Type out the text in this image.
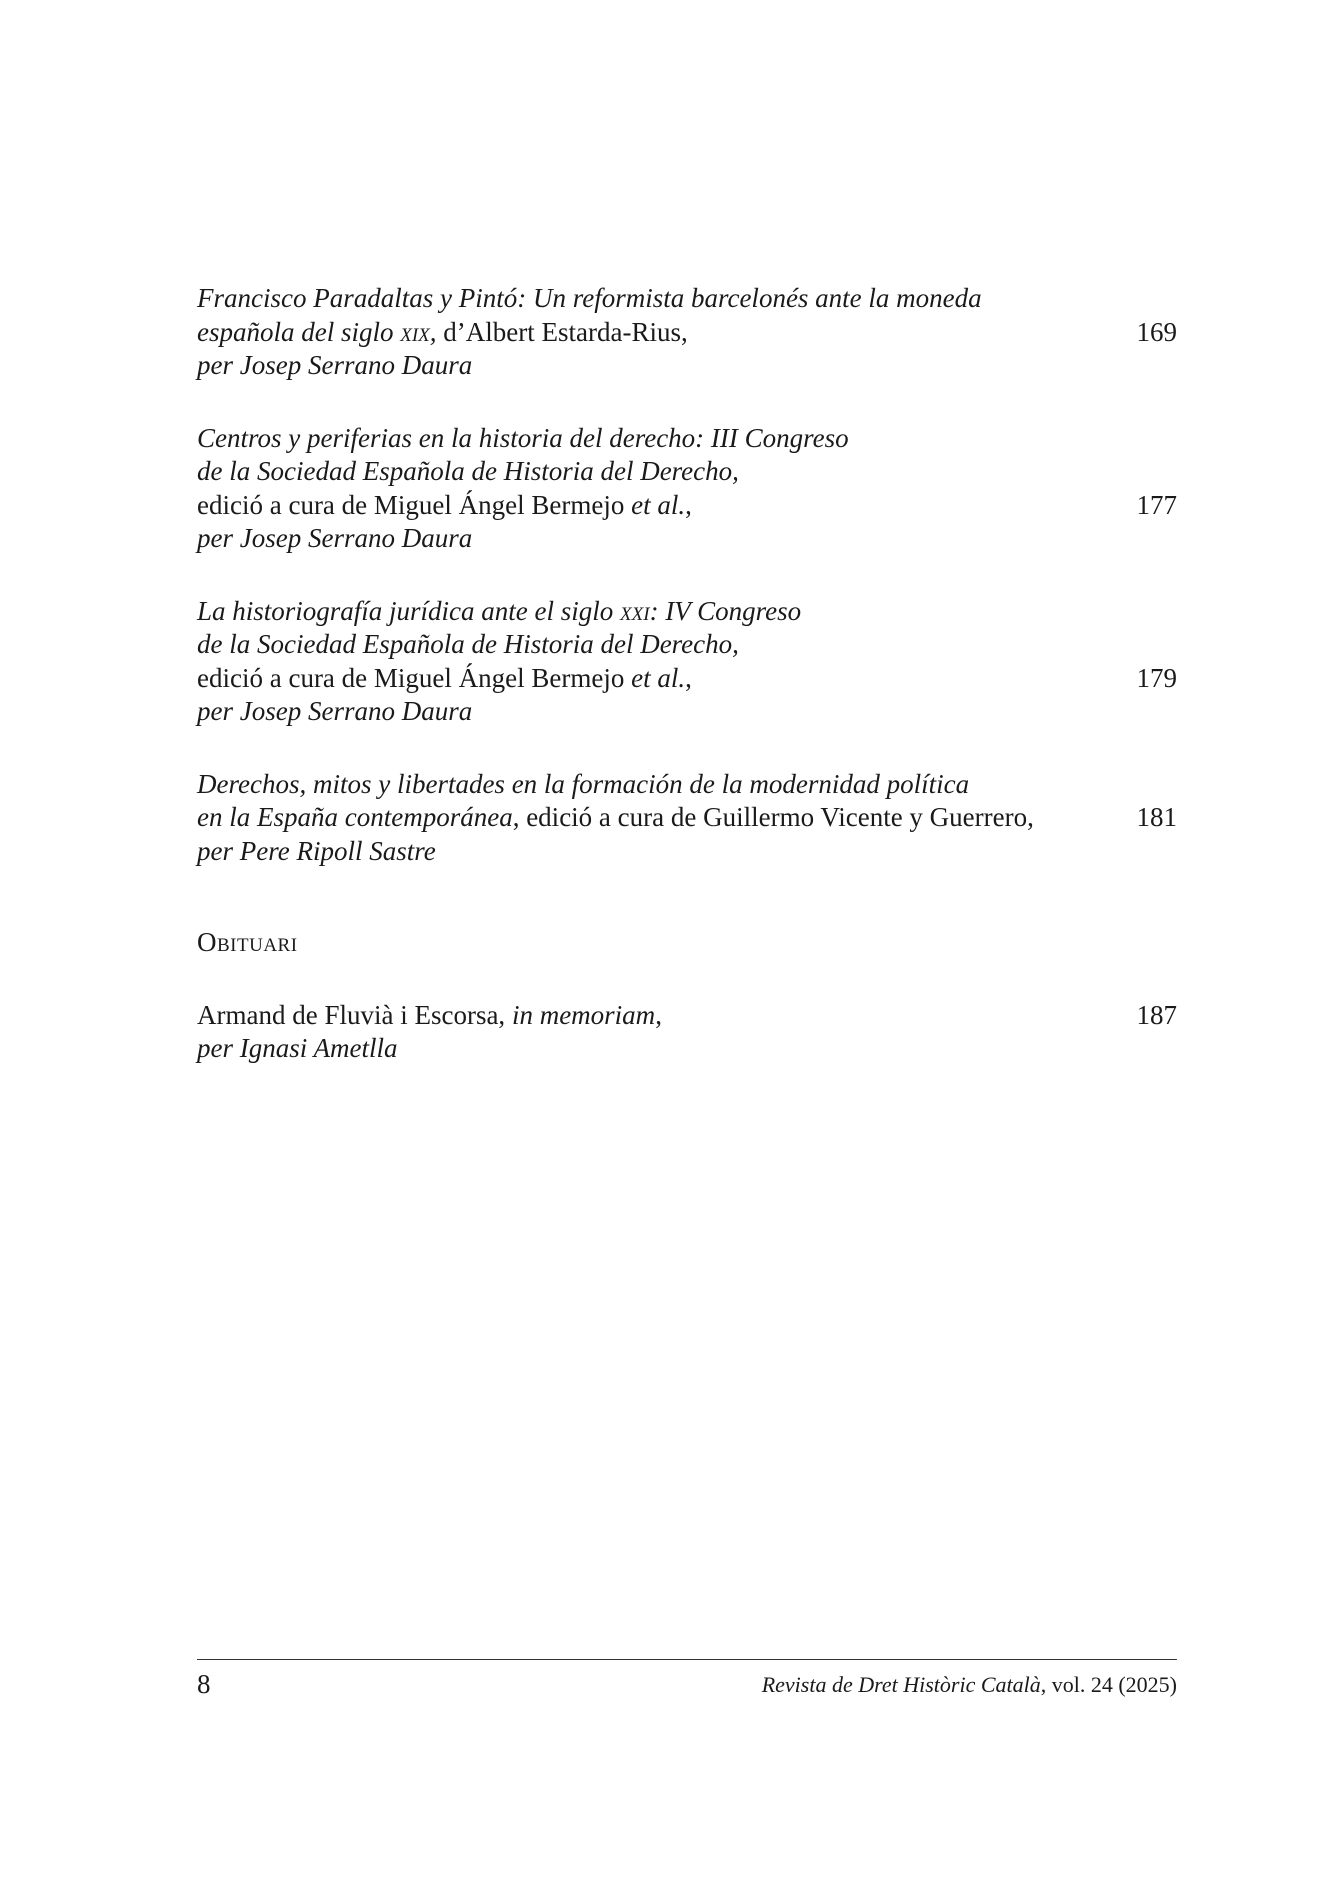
Francisco Paradaltas y Pintó: Un reformista barcelonés ante la moneda
española del siglo xix, d’Albert Estarda-Rius,
per Josep Serrano Daura
169
Centros y periferias en la historia del derecho: III Congreso
de la Sociedad Española de Historia del Derecho,
edició a cura de Miguel Ángel Bermejo et al.,
per Josep Serrano Daura
177
La historiografía jurídica ante el siglo xxi: IV Congreso
de la Sociedad Española de Historia del Derecho,
edició a cura de Miguel Ángel Bermejo et al.,
per Josep Serrano Daura
179
Derechos, mitos y libertades en la formación de la modernidad política
en la España contemporánea, edició a cura de Guillermo Vicente y Guerrero,
per Pere Ripoll Sastre
181
Obituari
Armand de Fluvià i Escorsa, in memoriam,
per Ignasi Ametlla
187
8	Revista de Dret Històric Català, vol. 24 (2025)
